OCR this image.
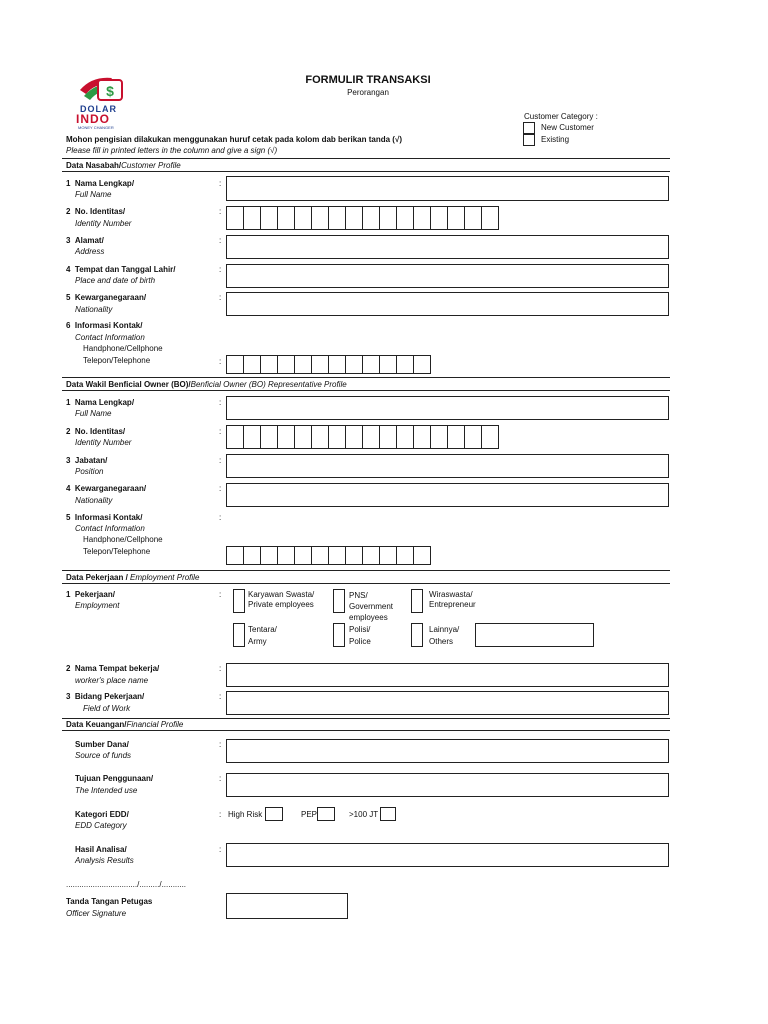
$
DOLAR
INDO
MONEY CHANGER
FORMULIR TRANSAKSI
Perorangan
Customer Category :
New Customer
Existing
Mohon pengisian dilakukan menggunakan huruf cetak pada kolom dab berikan tanda (√)
Please fill in printed letters in the column and give a sign (√)
Data Nasabah/Customer Profile
1 Nama Lengkap/
Full Name
:
2 No. Identitas/
Identity Number
:
3 Alamat/
Address
:
4 Tempat dan Tanggal Lahir/
Place and date of birth
:
5 Kewarganegaraan/
Nationality
:
6 Informasi Kontak/
Contact Information
Handphone/Cellphone
Telepon/Telephone	:
Data Wakil Benficial Owner (BO)/Benficial Owner (BO) Representative Profile
1 Nama Lengkap/
Full Name
:
2 No. Identitas/
Identity Number
:
3 Jabatan/
Position
:
4 Kewarganegaraan/
Nationality
:
5 Informasi Kontak/
Contact Information
Handphone/Cellphone
Telepon/Telephone
:
Data Pekerjaan / Employment Profile
1 Pekerjaan/
Employment
:	Karyawan Swasta/
Private employees
PNS/
Government
employees
Wiraswasta/
Entrepreneur
Tentara/
Army
Polisi/
Police
Lainnya/
Others
2 Nama Tempat bekerja/
worker's place name
:
3 Bidang Pekerjaan/
Field of Work
:
Data Keuangan/Financial Profile
Sumber Dana/
Source of funds
:
Tujuan Penggunaan/
The Intended use
:
Kategori EDD/
EDD Category
: High Risk	PEP	>100 JT
Hasil Analisa/
Analysis Results
:
................................/........./...........
Tanda Tangan Petugas
Officer Signature
